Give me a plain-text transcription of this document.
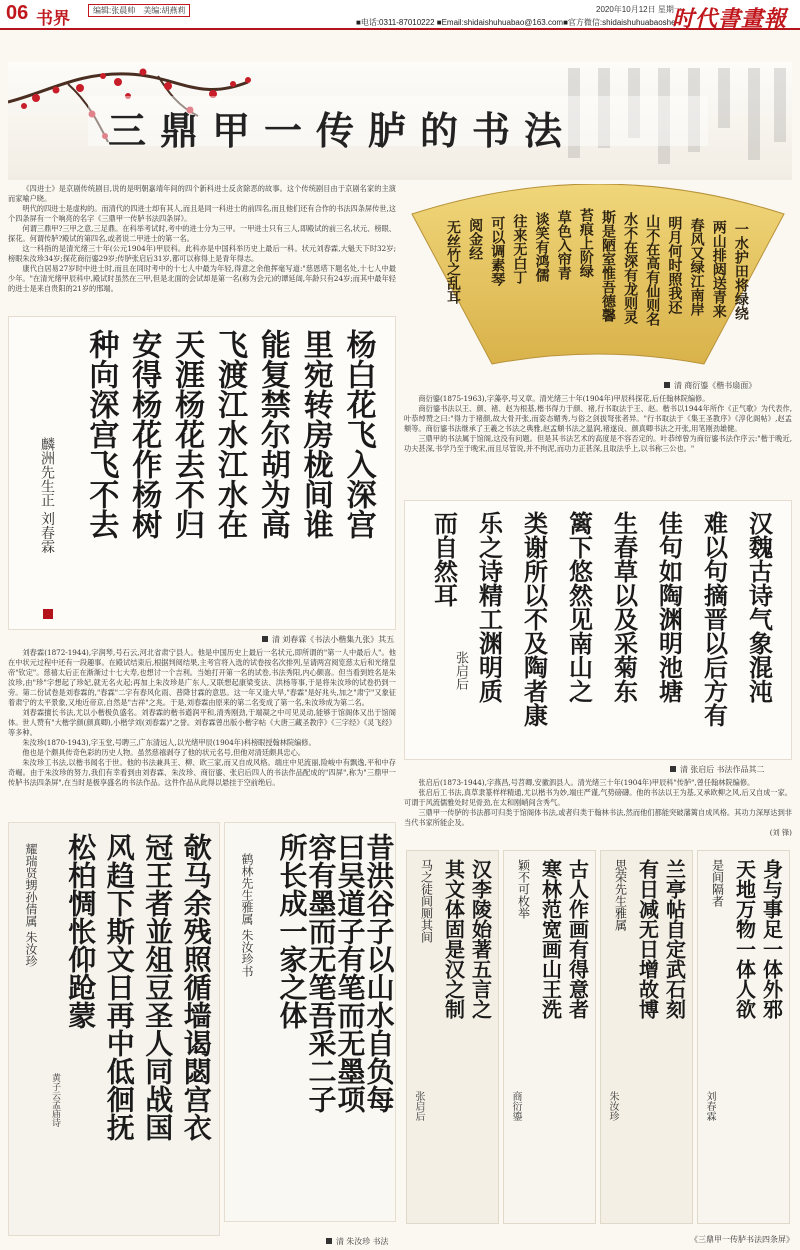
06 书界	编辑:张晨帅　美编:胡燕莉
■电话:0311-87010222 ■Email:shidaishuhuabao@163.com■官方微信:shidaishuhuabaoshe
2020年10月12日 星期一
时代書畫報
三鼎甲一传胪的书法

《四进士》是京剧传统剧目,说的是明朝嘉靖年间的四个新科进士反贪除恶的故事。这个传统剧目由于京剧名家的主演而家喻户晓。

明代的四进士是虚构的。而清代的四进士却有其人,而且是同一科进士的前四名,而且他们还有合作的书法四条屏传世,这个四条屏有一个响亮的名字《三鼎甲一传胪书法四条屏》。

何谓三鼎甲?三甲之意,三足鼎。在科举考试时,考中的进士分为三甲。一甲进士只有三人,即殿试的前三名,状元、榜眼、探花。何谓传胪?殿试的第四名,或者说二甲进士的第一名。

这一科指的是清光绪三十年(公元1904年)甲辰科。此科亦是中国科举历史上最后一科。状元刘春霖,大魁天下时32岁;榜眼朱汝珍34岁;探花商衍鎏29岁;传胪张启后31岁,都可以称得上是青年得志。

康代白居易27岁时中进士时,而且在同时考中的十七人中最为年轻,得意之余他挥毫写道:"慈恩塔下题名处,十七人中最少年。"在清光绪甲辰科中,殿试时虽然在三甲,但是北面的会试却是第一名(称为会元)的谭延闿,年龄只有24岁;而其中最年轻的进士是来自贵阳的21岁的邢端。	一水护田将绿绕
两山排闼送青来
春风又绿江南岸
明月何时照我还
山不在高有仙则名
水不在深有龙则灵
斯是陋室惟吾德馨
苔痕上阶绿
草色入帘青
谈笑有鸿儒
往来无白丁
可以调素琴
阅金经
无丝竹之乱耳
清 商衍鎏《楷书扇面》

商衍鎏(1875-1963),字藻亭,号又章。清光绪三十年(1904年)甲辰科探花,后任翰林院编修。

商衍鎏书法以王、颜、褚、赵为根基,楷书得力于颜、褚,行书取法于王、赵。楷书以1944年所作《正气歌》为代表作,叶恭绰赞之曰:"得力于褚颜,故大骨开张,而姿态媚秀,与俗之剑拔弩张者异。"行书取法于《集王圣教序》《淳化阁帖》,赵孟頫等。商衍鎏书法继承了王羲之书法之典雅,赵孟頫书法之温润,褚遂良、颜真卿书法之开张,用笔刚劲雄健。

三鼎甲的书法属于馆阁,这没有问题。但是其书法艺术的高度是不容否定的。叶恭绰曾为商衍鎏书法作序云:"楷于晚近,功夫甚深,书学乃至于晚宋,而且尽管说,并不拘泥,而功力正甚深,且取法乎上,以书称三公也。"

杨白花飞入深宫
里宛转房栊间谁
能复禁尔胡为高
飞渡江水江水在
天涯杨花去不归
安得杨花作杨树
种向深宫飞不去
麟洲先生正 刘春霖
清 刘春霖《书法小楷集九张》其五

刘春霖(1872-1944),字润琴,号石云,河北省肃宁县人。他是中国历史上最后一名状元,即所谓的"第一人中最后人"。他在中状元过程中还有一段趣事。在殿试结束后,根据判阅结果,主考官将入选的试卷按名次排列,呈请两宫阅览慈太后和光绪皇帝"钦定"。慈禧太后正在渐渐过十七大寿,也想讨一个吉利。当她打开第一名的试卷,书法秀阳,内心颇喜。但当看到姓名是朱汝珍,由"珍"字想起了珍妃,就无名火起;再加上朱汝珍是广东人,又联想起康梁变法、洪杨等事,于是将朱汝珍的试卷扔到一旁。第二份试卷是刘春霖的,"春霖"二字有春风化雨、普降甘霖的意思。这一年又逢大旱,"春霖"是好兆头,加之"肃宁"又象征着肃宁的太平景象,又地近帝京,自然是"吉祥"之兆。于是,刘春霖由原来的第二名变成了第一名,朱汝珍成为第二名。

刘春霖擅长书法,尤以小楷极负盛名。刘春霖的楷书遒润平和,清秀刚劲,于端凝之中可见灵动,能够于馆阁体又出于馆阁体。世人赞有"大楷学颜(颜真卿),小楷学刘(刘春霖)"之誉。刘春霖曾出版小楷字帖《大唐三藏圣教序》《三字经》《灵飞经》等多种。

朱汝珍(1870-1943),字玉堂,号聘三,广东清远人,以光绪甲辰(1904年)科榜眼授翰林院编修。

他也是个颇具传奇色彩的历史人物。虽然慈禧剥夺了他的状元名号,但他对清廷颇具忠心。

朱汝珍工书法,以楷书闻名于世。他的书法兼具王、柳、欧三家,而又自成风格。端庄中见流丽,险峻中有飘逸,平和中存奇崛。由于朱汝珍的努力,我们有幸看到由刘春霖、朱汝珍、商衍鎏、张启后四人的书法作品配成的"四屏",称为"三鼎甲一传胪书法四条屏",在当时是极享盛名的书法作品。这件作品从此得以悬挂于空前绝后。

汉魏古诗气象混沌
难以句摘晋以后方有
佳句如陶渊明池塘
生春草以及采菊东
篱下悠然见南山之
类谢所以不及陶者康
乐之诗精工渊明质
而自然耳
张启后
清 张启后 书法作品其二

张启后(1873-1944),字燕昌,号苕卿,安徽泗县人。清光绪三十年(1904年)甲辰科"传胪",曾任翰林院编修。

张启后工书法,真草隶篆样样精通,尤以楷书为妙,端庄严谨,气势磅礴。他的书法以王为基,又承欧柳之风,后又自成一家。可谓于风流儒雅处时见骨劲,在太和刚峭间含秀气。

三鼎甲一传胪的书法都可归类于馆阁体书法,或者归类于翰林书法,然而他们都能突破藩篱自成风格。其功力深厚达到非当代书家所能企及。

(刘 锋)

欹马余残照循墙谒閟宫衣
冠王者並俎豆圣人同战国
风趋下斯文日再中低徊抚
松柏惆怅仰跄蒙
耀瑞贤甥孙倩属 朱汝珍
黄子云孟庙诗	昔洪谷子以山水自负每
曰吴道子有笔而无墨项
容有墨而无笔吾采二子
所长成一家之体
鹤林先生雅属 朱汝珍书
清 朱汝珍 书法
身与事足一体外邪
天地万物一体人欲
是间隔者
刘春霖
兰亭帖自定武石刻
有日减无日增故博
思荣先生雅属
朱汝珍
古人作画有得意者
寒林范宽画山王洗
颖不可枚举
商衍鎏
汉李陵始著五言之
其文体固是汉之制
马之徒间厕其间
张启后
《三鼎甲一传胪书法四条屏》
